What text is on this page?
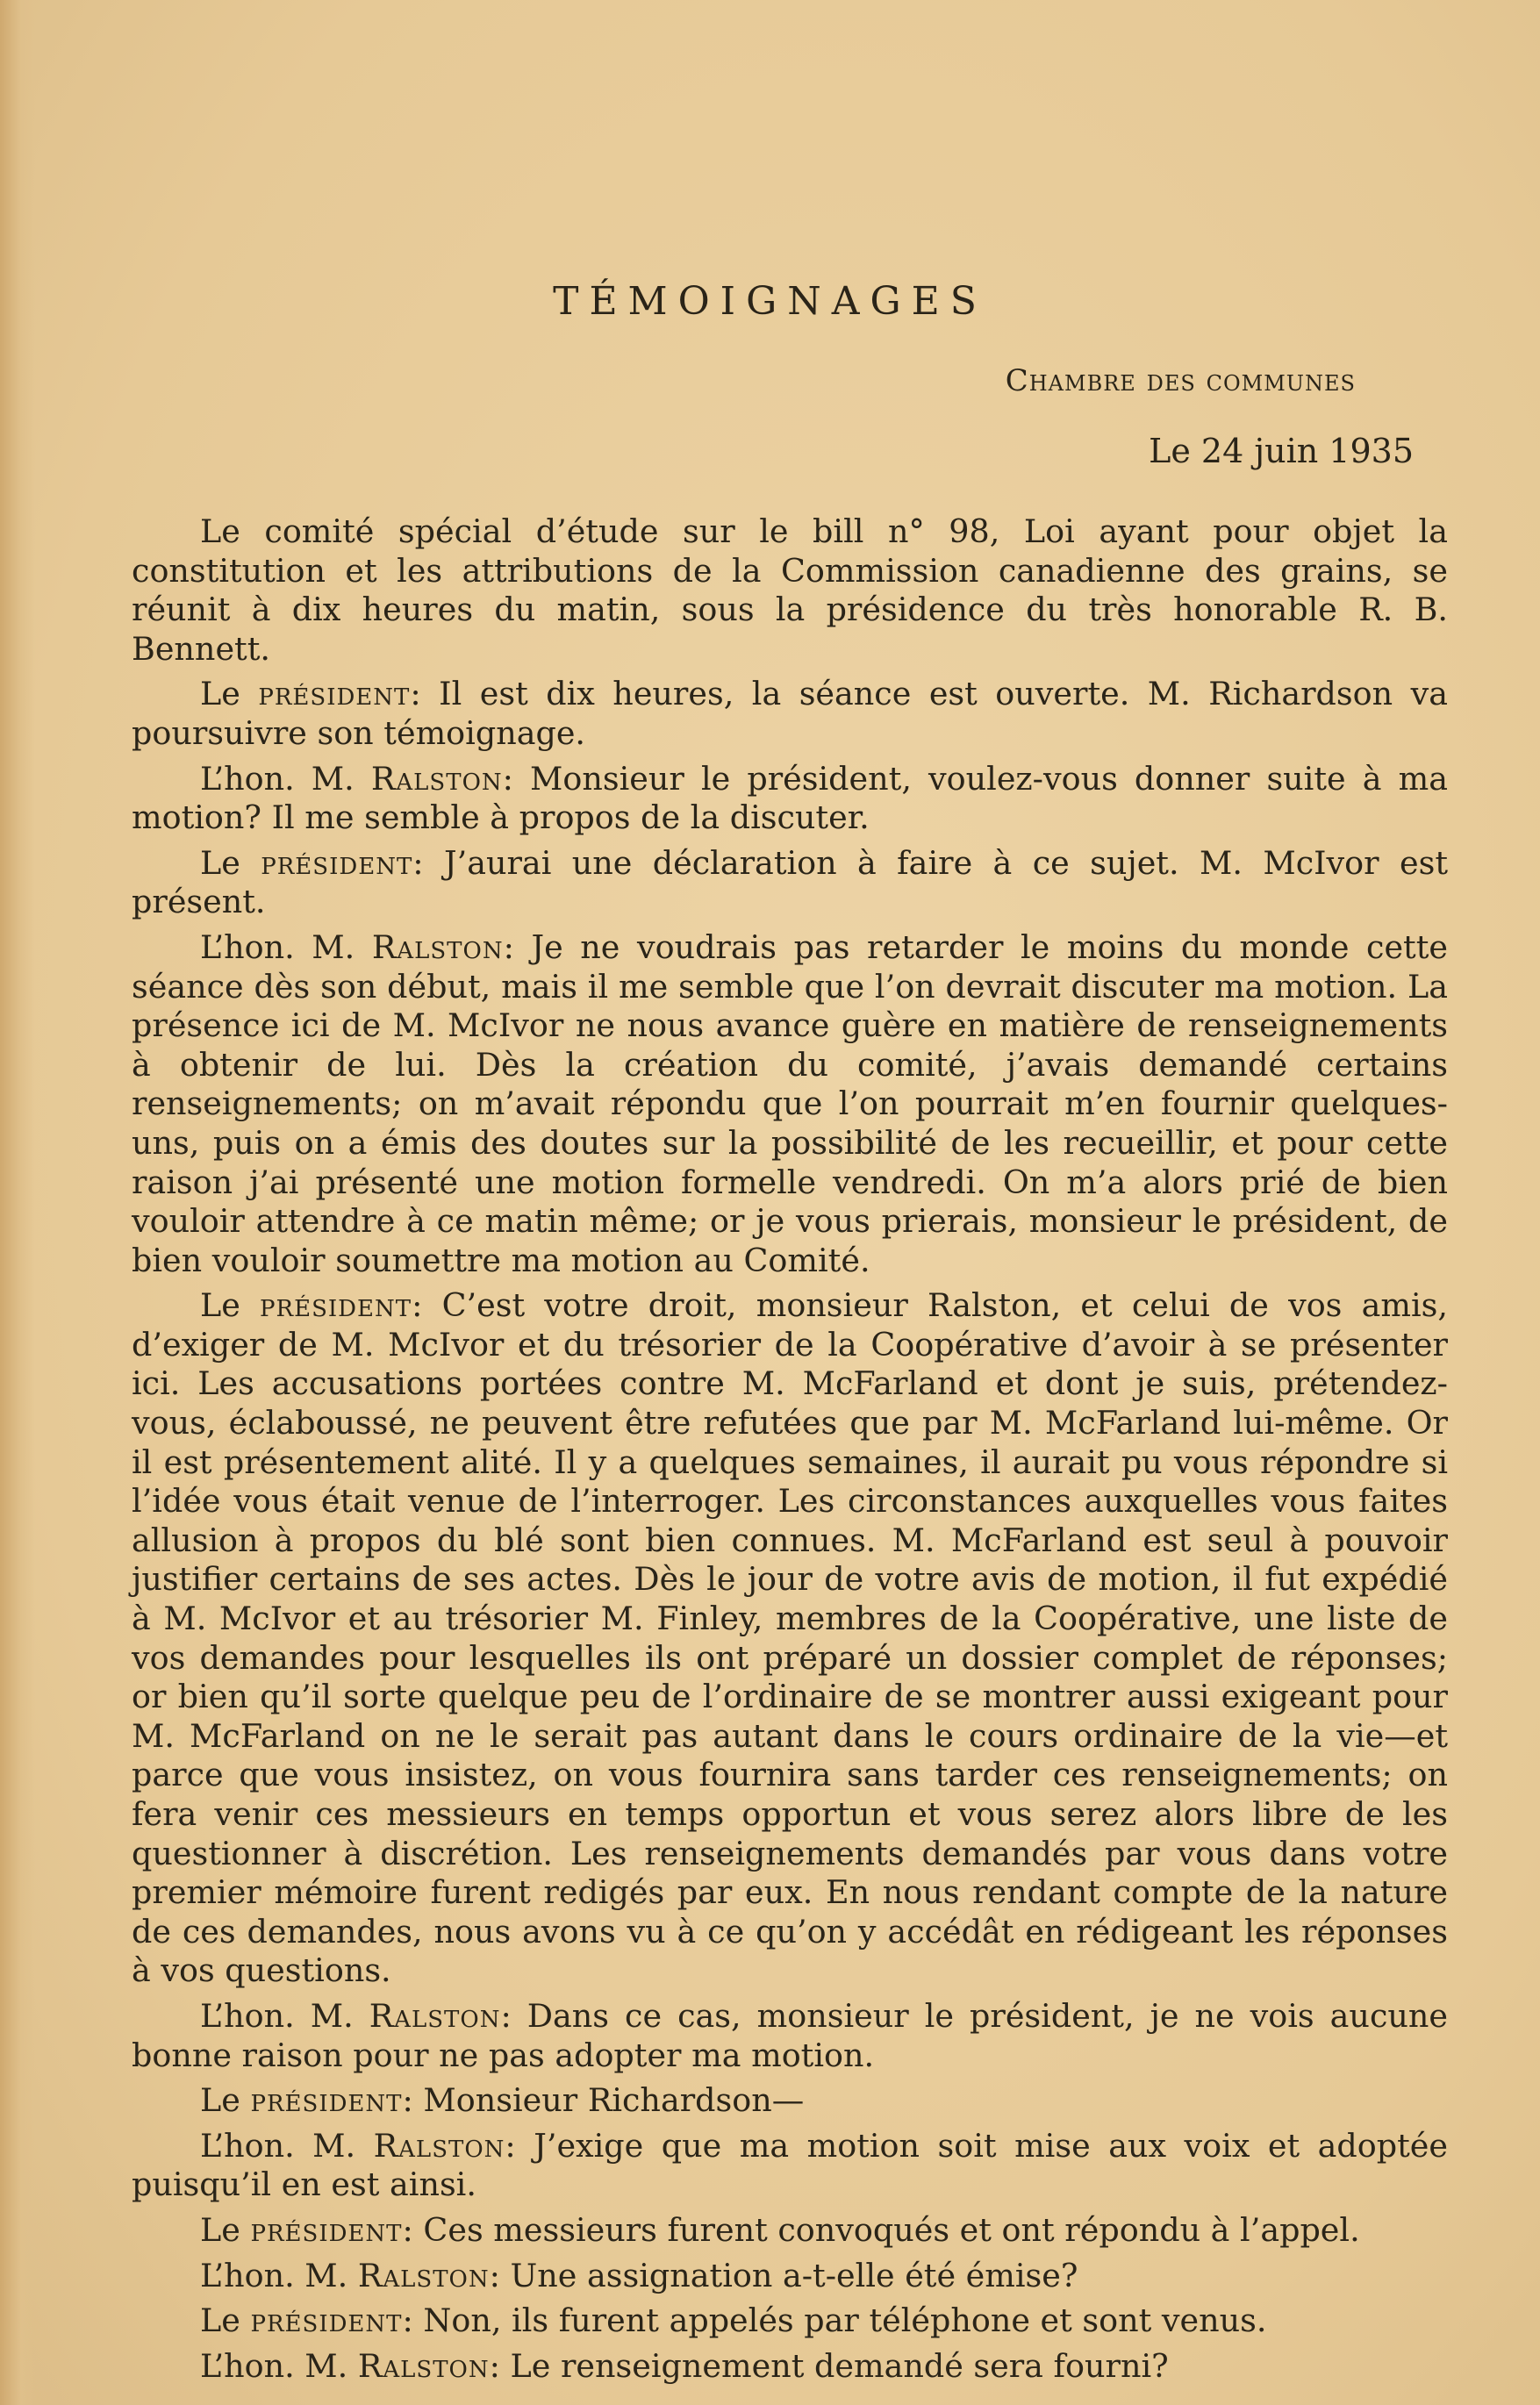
TÉMOIGNAGES

Chambre des communes

Le 24 juin 1935

Le comité spécial d’étude sur le bill n° 98, Loi ayant pour objet la constitution et les attributions de la Commission canadienne des grains, se réunit à dix heures du matin, sous la présidence du très honorable R. B. Bennett.

Le président: Il est dix heures, la séance est ouverte. M. Richardson va poursuivre son témoignage.

L’hon. M. Ralston: Monsieur le président, voulez-vous donner suite à ma motion? Il me semble à propos de la discuter.

Le président: J’aurai une déclaration à faire à ce sujet. M. McIvor est présent.

L’hon. M. Ralston: Je ne voudrais pas retarder le moins du monde cette séance dès son début, mais il me semble que l’on devrait discuter ma motion. La présence ici de M. McIvor ne nous avance guère en matière de renseignements à obtenir de lui. Dès la création du comité, j’avais demandé certains renseignements; on m’avait répondu que l’on pourrait m’en fournir quelques-uns, puis on a émis des doutes sur la possibilité de les recueillir, et pour cette raison j’ai présenté une motion formelle vendredi. On m’a alors prié de bien vouloir attendre à ce matin même; or je vous prierais, monsieur le président, de bien vouloir soumettre ma motion au Comité.

Le président: C’est votre droit, monsieur Ralston, et celui de vos amis, d’exiger de M. McIvor et du trésorier de la Coopérative d’avoir à se présenter ici. Les accusations portées contre M. McFarland et dont je suis, prétendez-vous, éclaboussé, ne peuvent être refutées que par M. McFarland lui-même. Or il est présentement alité. Il y a quelques semaines, il aurait pu vous répondre si l’idée vous était venue de l’interroger. Les circonstances auxquelles vous faites allusion à propos du blé sont bien connues. M. McFarland est seul à pouvoir justifier certains de ses actes. Dès le jour de votre avis de motion, il fut expédié à M. McIvor et au trésorier M. Finley, membres de la Coopérative, une liste de vos demandes pour lesquelles ils ont préparé un dossier complet de réponses; or bien qu’il sorte quelque peu de l’ordinaire de se montrer aussi exigeant pour M. McFarland on ne le serait pas autant dans le cours ordinaire de la vie—et parce que vous insistez, on vous fournira sans tarder ces renseignements; on fera venir ces messieurs en temps opportun et vous serez alors libre de les questionner à discrétion. Les renseignements demandés par vous dans votre premier mémoire furent redigés par eux. En nous rendant compte de la nature de ces demandes, nous avons vu à ce qu’on y accédât en rédigeant les réponses à vos questions.

L’hon. M. Ralston: Dans ce cas, monsieur le président, je ne vois aucune bonne raison pour ne pas adopter ma motion.

Le président: Monsieur Richardson—

L’hon. M. Ralston: J’exige que ma motion soit mise aux voix et adoptée puisqu’il en est ainsi.

Le président: Ces messieurs furent convoqués et ont répondu à l’appel.

L’hon. M. Ralston: Une assignation a-t-elle été émise?

Le président: Non, ils furent appelés par téléphone et sont venus.

L’hon. M. Ralston: Le renseignement demandé sera fourni?
